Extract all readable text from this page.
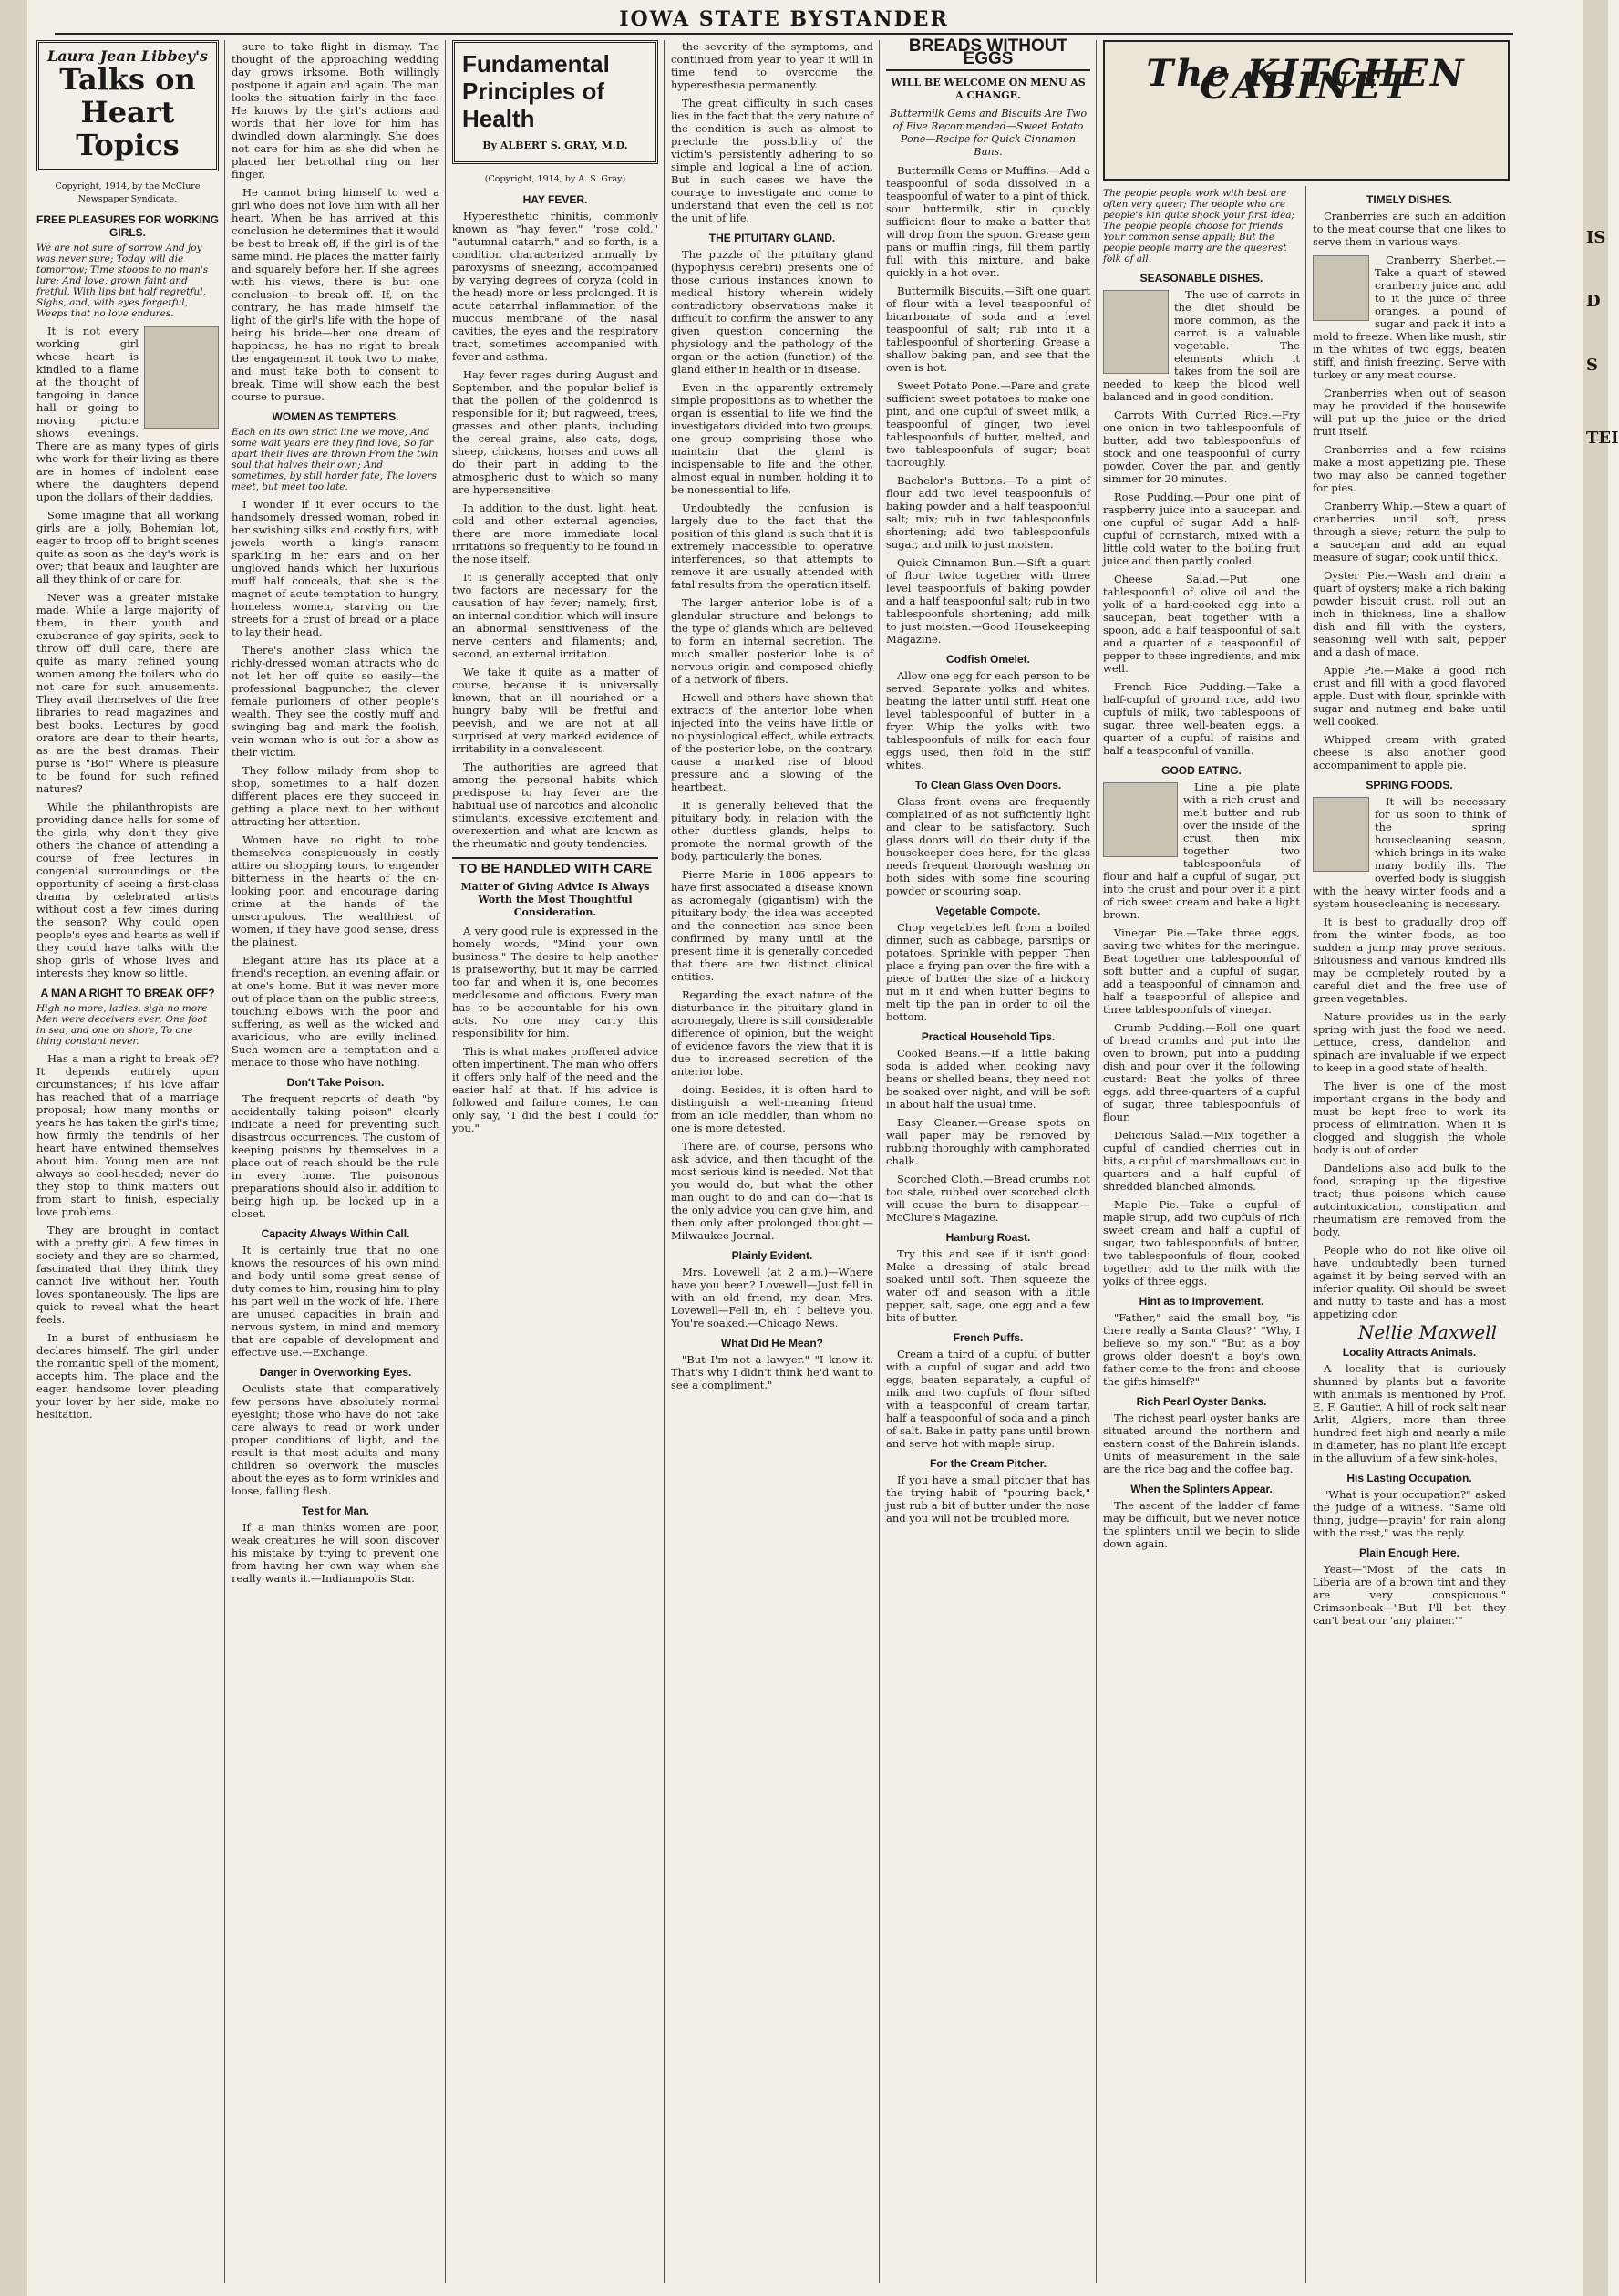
IS
D
S
TEI
IOWA STATE BYSTANDER
Laura Jean Libbey's
Talks on Heart Topics
Copyright, 1914, by the McClure Newspaper Syndicate.
FREE PLEASURES FOR WORKING GIRLS.

We are not sure of sorrow And joy was never sure; Today will die tomorrow; Time stoops to no man's lure; And love, grown faint and fretful, With lips but half regretful, Sighs, and, with eyes forgetful, Weeps that no love endures.

It is not every working girl whose heart is kindled to a flame at the thought of tangoing in dance hall or going to moving picture shows evenings. There are as many types of girls who work for their living as there are in homes of indolent ease where the daughters depend upon the dollars of their daddies.

Some imagine that all working girls are a jolly, Bohemian lot, eager to troop off to bright scenes quite as soon as the day's work is over; that beaux and laughter are all they think of or care for.

Never was a greater mistake made. While a large majority of them, in their youth and exuberance of gay spirits, seek to throw off dull care, there are quite as many refined young women among the toilers who do not care for such amusements. They avail themselves of the free libraries to read magazines and best books. Lectures by good orators are dear to their hearts, as are the best dramas. Their purse is "Bo!" Where is pleasure to be found for such refined natures?

While the philanthropists are providing dance halls for some of the girls, why don't they give others the chance of attending a course of free lectures in congenial surroundings or the opportunity of seeing a first-class drama by celebrated artists without cost a few times during the season? Why could open people's eyes and hearts as well if they could have talks with the shop girls of whose lives and interests they know so little.

A MAN A RIGHT TO BREAK OFF?

High no more, ladies, sigh no more Men were deceivers ever; One foot in sea, and one on shore, To one thing constant never.

Has a man a right to break off? It depends entirely upon circumstances; if his love affair has reached that of a marriage proposal; how many months or years he has taken the girl's time; how firmly the tendrils of her heart have entwined themselves about him. Young men are not always so cool-headed; never do they stop to think matters out from start to finish, especially love problems.

They are brought in contact with a pretty girl. A few times in society and they are so charmed, fascinated that they think they cannot live without her. Youth loves spontaneously. The lips are quick to reveal what the heart feels.

In a burst of enthusiasm he declares himself. The girl, under the romantic spell of the moment, accepts him. The place and the eager, handsome lover pleading your lover by her side, make no hesitation.

sure to take flight in dismay. The thought of the approaching wedding day grows irksome. Both willingly postpone it again and again. The man looks the situation fairly in the face. He knows by the girl's actions and words that her love for him has dwindled down alarmingly. She does not care for him as she did when he placed her betrothal ring on her finger.

He cannot bring himself to wed a girl who does not love him with all her heart. When he has arrived at this conclusion he determines that it would be best to break off, if the girl is of the same mind. He places the matter fairly and squarely before her. If she agrees with his views, there is but one conclusion—to break off. If, on the contrary, he has made himself the light of the girl's life with the hope of being his bride—her one dream of happiness, he has no right to break the engagement it took two to make, and must take both to consent to break. Time will show each the best course to pursue.

WOMEN AS TEMPTERS.

Each on its own strict line we move, And some wait years ere they find love, So far apart their lives are thrown From the twin soul that halves their own; And sometimes, by still harder fate, The lovers meet, but meet too late.

I wonder if it ever occurs to the handsomely dressed woman, robed in her swishing silks and costly furs, with jewels worth a king's ransom sparkling in her ears and on her ungloved hands which her luxurious muff half conceals, that she is the magnet of acute temptation to hungry, homeless women, starving on the streets for a crust of bread or a place to lay their head.

There's another class which the richly-dressed woman attracts who do not let her off quite so easily—the professional bagpuncher, the clever female purloiners of other people's wealth. They see the costly muff and swinging bag and mark the foolish, vain woman who is out for a show as their victim.

They follow milady from shop to shop, sometimes to a half dozen different places ere they succeed in getting a place next to her without attracting her attention.

Women have no right to robe themselves conspicuously in costly attire on shopping tours, to engender bitterness in the hearts of the on-looking poor, and encourage daring crime at the hands of the unscrupulous. The wealthiest of women, if they have good sense, dress the plainest.

Elegant attire has its place at a friend's reception, an evening affair, or at one's home. But it was never more out of place than on the public streets, touching elbows with the poor and suffering, as well as the wicked and avaricious, who are evilly inclined. Such women are a temptation and a menace to those who have nothing.

Don't Take Poison.

The frequent reports of death "by accidentally taking poison" clearly indicate a need for preventing such disastrous occurrences. The custom of keeping poisons by themselves in a place out of reach should be the rule in every home. The poisonous preparations should also in addition to being high up, be locked up in a closet.

Capacity Always Within Call.

It is certainly true that no one knows the resources of his own mind and body until some great sense of duty comes to him, rousing him to play his part well in the work of life. There are unused capacities in brain and nervous system, in mind and memory that are capable of development and effective use.—Exchange.

Danger in Overworking Eyes.

Oculists state that comparatively few persons have absolutely normal eyesight; those who have do not take care always to read or work under proper conditions of light, and the result is that most adults and many children so overwork the muscles about the eyes as to form wrinkles and loose, falling flesh.

Test for Man.

If a man thinks women are poor, weak creatures he will soon discover his mistake by trying to prevent one from having her own way when she really wants it.—Indianapolis Star.

Fundamental Principles of Health
By ALBERT S. GRAY, M.D.
(Copyright, 1914, by A. S. Gray)
HAY FEVER.

Hyperesthetic rhinitis, commonly known as "hay fever," "rose cold," "autumnal catarrh," and so forth, is a condition characterized annually by paroxysms of sneezing, accompanied by varying degrees of coryza (cold in the head) more or less prolonged. It is acute catarrhal inflammation of the mucous membrane of the nasal cavities, the eyes and the respiratory tract, sometimes accompanied with fever and asthma.

Hay fever rages during August and September, and the popular belief is that the pollen of the goldenrod is responsible for it; but ragweed, trees, grasses and other plants, including the cereal grains, also cats, dogs, sheep, chickens, horses and cows all do their part in adding to the atmospheric dust to which so many are hypersensitive.

In addition to the dust, light, heat, cold and other external agencies, there are more immediate local irritations so frequently to be found in the nose itself.

It is generally accepted that only two factors are necessary for the causation of hay fever; namely, first, an internal condition which will insure an abnormal sensitiveness of the nerve centers and filaments; and, second, an external irritation.

We take it quite as a matter of course, because it is universally known, that an ill nourished or a hungry baby will be fretful and peevish, and we are not at all surprised at very marked evidence of irritability in a convalescent.

The authorities are agreed that among the personal habits which predispose to hay fever are the habitual use of narcotics and alcoholic stimulants, excessive excitement and overexertion and what are known as the rheumatic and gouty tendencies.

TO BE HANDLED WITH CARE
Matter of Giving Advice Is Always Worth the Most Thoughtful Consideration.

A very good rule is expressed in the homely words, "Mind your own business." The desire to help another is praiseworthy, but it may be carried too far, and when it is, one becomes meddlesome and officious. Every man has to be accountable for his own acts. No one may carry this responsibility for him.

This is what makes proffered advice often impertinent. The man who offers it offers only half of the need and the easier half at that. If his advice is followed and failure comes, he can only say, "I did the best I could for you."

the severity of the symptoms, and continued from year to year it will in time tend to overcome the hyperesthesia permanently.

The great difficulty in such cases lies in the fact that the very nature of the condition is such as almost to preclude the possibility of the victim's persistently adhering to so simple and logical a line of action. But in such cases we have the courage to investigate and come to understand that even the cell is not the unit of life.

THE PITUITARY GLAND.

The puzzle of the pituitary gland (hypophysis cerebri) presents one of those curious instances known to medical history wherein widely contradictory observations make it difficult to confirm the answer to any given question concerning the physiology and the pathology of the organ or the action (function) of the gland either in health or in disease.

Even in the apparently extremely simple propositions as to whether the organ is essential to life we find the investigators divided into two groups, one group comprising those who maintain that the gland is indispensable to life and the other, almost equal in number, holding it to be nonessential to life.

Undoubtedly the confusion is largely due to the fact that the position of this gland is such that it is extremely inaccessible to operative interferences, so that attempts to remove it are usually attended with fatal results from the operation itself.

The larger anterior lobe is of a glandular structure and belongs to the type of glands which are believed to form an internal secretion. The much smaller posterior lobe is of nervous origin and composed chiefly of a network of fibers.

Howell and others have shown that extracts of the anterior lobe when injected into the veins have little or no physiological effect, while extracts of the posterior lobe, on the contrary, cause a marked rise of blood pressure and a slowing of the heartbeat.

It is generally believed that the pituitary body, in relation with the other ductless glands, helps to promote the normal growth of the body, particularly the bones.

Pierre Marie in 1886 appears to have first associated a disease known as acromegaly (gigantism) with the pituitary body; the idea was accepted and the connection has since been confirmed by many until at the present time it is generally conceded that there are two distinct clinical entities.

Regarding the exact nature of the disturbance in the pituitary gland in acromegaly, there is still considerable difference of opinion, but the weight of evidence favors the view that it is due to increased secretion of the anterior lobe.

doing. Besides, it is often hard to distinguish a well-meaning friend from an idle meddler, than whom no one is more detested.

There are, of course, persons who ask advice, and then thought of the most serious kind is needed. Not that you would do, but what the other man ought to do and can do—that is the only advice you can give him, and then only after prolonged thought.—Milwaukee Journal.

Plainly Evident.

Mrs. Lovewell (at 2 a.m.)—Where have you been? Lovewell—Just fell in with an old friend, my dear. Mrs. Lovewell—Fell in, eh! I believe you. You're soaked.—Chicago News.

What Did He Mean?

"But I'm not a lawyer." "I know it. That's why I didn't think he'd want to see a compliment."

BREADS WITHOUT EGGS
WILL BE WELCOME ON MENU AS A CHANGE.
Buttermilk Gems and Biscuits Are Two of Five Recommended—Sweet Potato Pone—Recipe for Quick Cinnamon Buns.

Buttermilk Gems or Muffins.—Add a teaspoonful of soda dissolved in a teaspoonful of water to a pint of thick, sour buttermilk, stir in quickly sufficient flour to make a batter that will drop from the spoon. Grease gem pans or muffin rings, fill them partly full with this mixture, and bake quickly in a hot oven.

Buttermilk Biscuits.—Sift one quart of flour with a level teaspoonful of bicarbonate of soda and a level teaspoonful of salt; rub into it a tablespoonful of shortening. Grease a shallow baking pan, and see that the oven is hot.

Sweet Potato Pone.—Pare and grate sufficient sweet potatoes to make one pint, and one cupful of sweet milk, a teaspoonful of ginger, two level tablespoonfuls of butter, melted, and two tablespoonfuls of sugar; beat thoroughly.

Bachelor's Buttons.—To a pint of flour add two level teaspoonfuls of baking powder and a half teaspoonful salt; mix; rub in two tablespoonfuls shortening; add two tablespoonfuls sugar, and milk to just moisten.

Quick Cinnamon Bun.—Sift a quart of flour twice together with three level teaspoonfuls of baking powder and a half teaspoonful salt; rub in two tablespoonfuls shortening; add milk to just moisten.—Good Housekeeping Magazine.

Codfish Omelet.

Allow one egg for each person to be served. Separate yolks and whites, beating the latter until stiff. Heat one level tablespoonful of butter in a fryer. Whip the yolks with two tablespoonfuls of milk for each four eggs used, then fold in the stiff whites.

To Clean Glass Oven Doors.

Glass front ovens are frequently complained of as not sufficiently light and clear to be satisfactory. Such glass doors will do their duty if the housekeeper does here, for the glass needs frequent thorough washing on both sides with some fine scouring powder or scouring soap.

Vegetable Compote.

Chop vegetables left from a boiled dinner, such as cabbage, parsnips or potatoes. Sprinkle with pepper. Then place a frying pan over the fire with a piece of butter the size of a hickory nut in it and when butter begins to melt tip the pan in order to oil the bottom.

Practical Household Tips.

Cooked Beans.—If a little baking soda is added when cooking navy beans or shelled beans, they need not be soaked over night, and will be soft in about half the usual time.

Easy Cleaner.—Grease spots on wall paper may be removed by rubbing thoroughly with camphorated chalk.

Scorched Cloth.—Bread crumbs not too stale, rubbed over scorched cloth will cause the burn to disappear.—McClure's Magazine.

Hamburg Roast.

Try this and see if it isn't good: Make a dressing of stale bread soaked until soft. Then squeeze the water off and season with a little pepper, salt, sage, one egg and a few bits of butter.

French Puffs.

Cream a third of a cupful of butter with a cupful of sugar and add two eggs, beaten separately, a cupful of milk and two cupfuls of flour sifted with a teaspoonful of cream tartar, half a teaspoonful of soda and a pinch of salt. Bake in patty pans until brown and serve hot with maple sirup.

For the Cream Pitcher.

If you have a small pitcher that has the trying habit of "pouring back," just rub a bit of butter under the nose and you will not be troubled more.

The KITCHEN CABINET

The people people work with best are often very queer; The people who are people's kin quite shock your first idea; The people people choose for friends Your common sense appall; But the people people marry are the queerest folk of all.

SEASONABLE DISHES.

The use of carrots in the diet should be more common, as the carrot is a valuable vegetable. The elements which it takes from the soil are needed to keep the blood well balanced and in good condition.

Carrots With Curried Rice.—Fry one onion in two tablespoonfuls of butter, add two tablespoonfuls of stock and one teaspoonful of curry powder. Cover the pan and gently simmer for 20 minutes.

Rose Pudding.—Pour one pint of raspberry juice into a saucepan and one cupful of sugar. Add a half-cupful of cornstarch, mixed with a little cold water to the boiling fruit juice and then partly cooled.

Cheese Salad.—Put one tablespoonful of olive oil and the yolk of a hard-cooked egg into a saucepan, beat together with a spoon, add a half teaspoonful of salt and a quarter of a teaspoonful of pepper to these ingredients, and mix well.

French Rice Pudding.—Take a half-cupful of ground rice, add two cupfuls of milk, two tablespoons of sugar, three well-beaten eggs, a quarter of a cupful of raisins and half a teaspoonful of vanilla.

GOOD EATING.

Line a pie plate with a rich crust and melt butter and rub over the inside of the crust, then mix together two tablespoonfuls of flour and half a cupful of sugar, put into the crust and pour over it a pint of rich sweet cream and bake a light brown.

Vinegar Pie.—Take three eggs, saving two whites for the meringue. Beat together one tablespoonful of soft butter and a cupful of sugar, add a teaspoonful of cinnamon and half a teaspoonful of allspice and three tablespoonfuls of vinegar.

Crumb Pudding.—Roll one quart of bread crumbs and put into the oven to brown, put into a pudding dish and pour over it the following custard: Beat the yolks of three eggs, add three-quarters of a cupful of sugar, three tablespoonfuls of flour.

Delicious Salad.—Mix together a cupful of candied cherries cut in bits, a cupful of marshmallows cut in quarters and a half cupful of shredded blanched almonds.

Maple Pie.—Take a cupful of maple sirup, add two cupfuls of rich sweet cream and half a cupful of sugar, two tablespoonfuls of butter, two tablespoonfuls of flour, cooked together; add to the milk with the yolks of three eggs.

Hint as to Improvement.

"Father," said the small boy, "is there really a Santa Claus?" "Why, I believe so, my son." "But as a boy grows older doesn't a boy's own father come to the front and choose the gifts himself?"

Rich Pearl Oyster Banks.

The richest pearl oyster banks are situated around the northern and eastern coast of the Bahrein islands. Units of measurement in the sale are the rice bag and the coffee bag.

When the Splinters Appear.

The ascent of the ladder of fame may be difficult, but we never notice the splinters until we begin to slide down again.

TIMELY DISHES.

Cranberries are such an addition to the meat course that one likes to serve them in various ways.

Cranberry Sherbet.—Take a quart of stewed cranberry juice and add to it the juice of three oranges, a pound of sugar and pack it into a mold to freeze. When like mush, stir in the whites of two eggs, beaten stiff, and finish freezing. Serve with turkey or any meat course.

Cranberries when out of season may be provided if the housewife will put up the juice or the dried fruit itself.

Cranberries and a few raisins make a most appetizing pie. These two may also be canned together for pies.

Cranberry Whip.—Stew a quart of cranberries until soft, press through a sieve; return the pulp to a saucepan and add an equal measure of sugar; cook until thick.

Oyster Pie.—Wash and drain a quart of oysters; make a rich baking powder biscuit crust, roll out an inch in thickness, line a shallow dish and fill with the oysters, seasoning well with salt, pepper and a dash of mace.

Apple Pie.—Make a good rich crust and fill with a good flavored apple. Dust with flour, sprinkle with sugar and nutmeg and bake until well cooked.

Whipped cream with grated cheese is also another good accompaniment to apple pie.

SPRING FOODS.

It will be necessary for us soon to think of the spring housecleaning season, which brings in its wake many bodily ills. The overfed body is sluggish with the heavy winter foods and a system housecleaning is necessary.

It is best to gradually drop off from the winter foods, as too sudden a jump may prove serious. Biliousness and various kindred ills may be completely routed by a careful diet and the free use of green vegetables.

Nature provides us in the early spring with just the food we need. Lettuce, cress, dandelion and spinach are invaluable if we expect to keep in a good state of health.

The liver is one of the most important organs in the body and must be kept free to work its process of elimination. When it is clogged and sluggish the whole body is out of order.

Dandelions also add bulk to the food, scraping up the digestive tract; thus poisons which cause autointoxication, constipation and rheumatism are removed from the body.

People who do not like olive oil have undoubtedly been turned against it by being served with an inferior quality. Oil should be sweet and nutty to taste and has a most appetizing odor.

Nellie Maxwell
Locality Attracts Animals.

A locality that is curiously shunned by plants but a favorite with animals is mentioned by Prof. E. F. Gautier. A hill of rock salt near Arlit, Algiers, more than three hundred feet high and nearly a mile in diameter, has no plant life except in the alluvium of a few sink-holes.

His Lasting Occupation.

"What is your occupation?" asked the judge of a witness. "Same old thing, judge—prayin' for rain along with the rest," was the reply.

Plain Enough Here.

Yeast—"Most of the cats in Liberia are of a brown tint and they are very conspicuous." Crimsonbeak—"But I'll bet they can't beat our 'any plainer.'"
